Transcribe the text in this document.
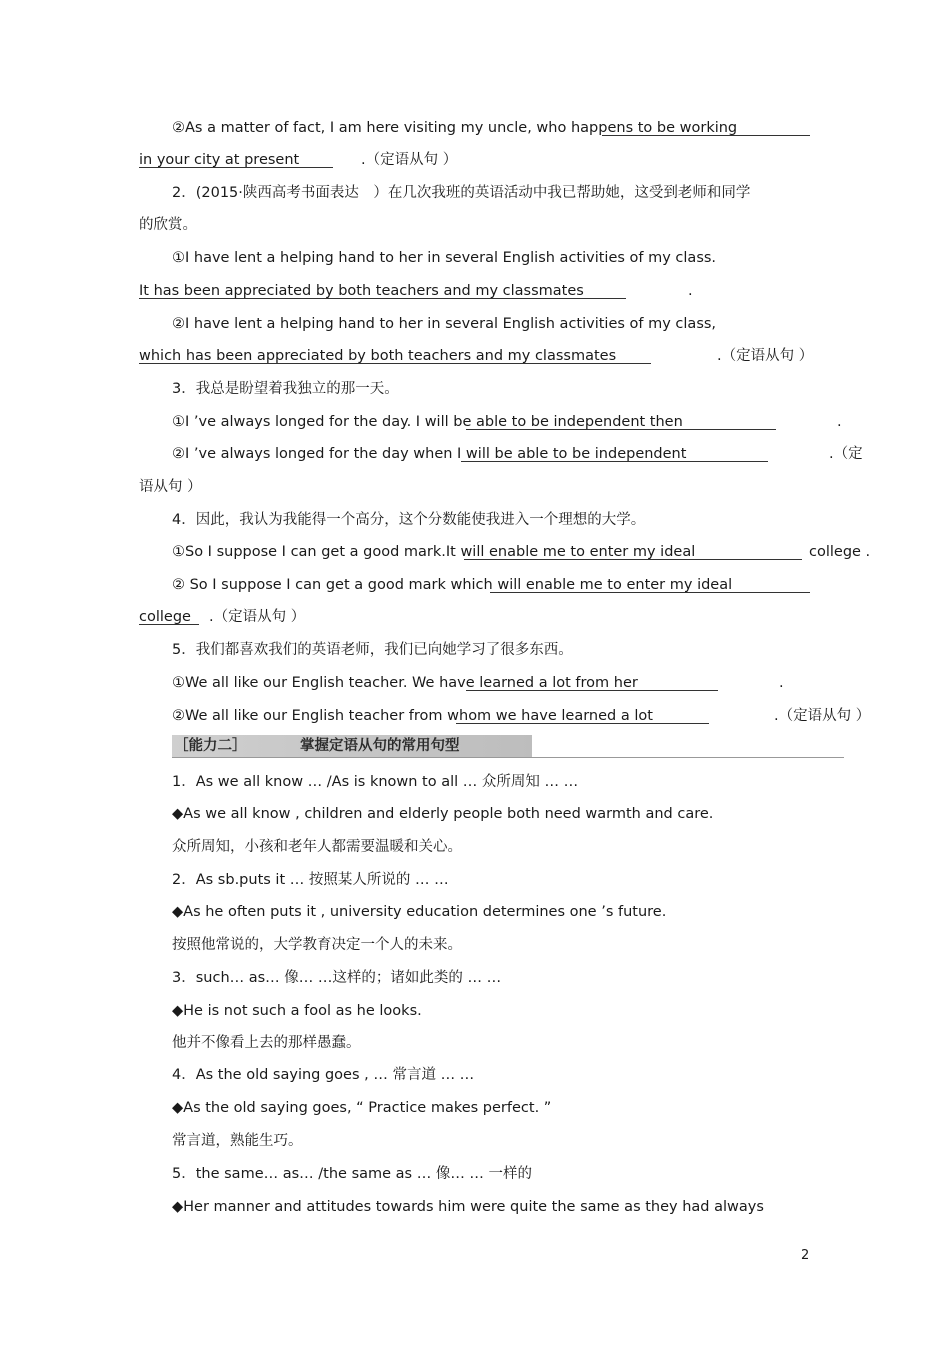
②As a matter of fact, I am here visiting my uncle, who happens to be working
in your city at present	.（定语从句 ）
2．(2015·陕西高考书面表达　）在几次我班的英语活动中我已帮助她，这受到老师和同学
的欣赏。
①I have lent a helping hand to her in several English activities of my class.
It has been appreciated by both teachers and my classmates	.
②I have lent a helping hand to her in several English activities of my class,
which has been appreciated by both teachers and my classmates	.（定语从句 ）
3．我总是盼望着我独立的那一天。
①I ’ve always longed for the day. I will be able to be independent then	.
②I ’ve always longed for the day when I will be able to be independent	.（定
语从句 ）
4．因此，我认为我能得一个高分，这个分数能使我进入一个理想的大学。
①So I suppose I can get a good mark.It will enable me to enter my ideal	college .
② So I suppose I can get a good mark which will enable me to enter my ideal
college .（定语从句 ）
5．我们都喜欢我们的英语老师，我们已向她学习了很多东西。
①We all like our English teacher. We have learned a lot from her	.
②We all like our English teacher from whom we have learned a lot	.（定语从句 ）
［能力二］	掌握定语从句的常用句型
1．As we all know … /As is known to all … 众所周知 … …
◆As we all know , children and elderly people both need warmth and care.
众所周知，小孩和老年人都需要温暖和关心。
2．As sb.puts it … 按照某人所说的 … …
◆As he often puts it , university education determines one ’s future.
按照他常说的，大学教育决定一个人的未来。
3．such… as… 像… …这样的；诸如此类的 … …
◆He is not such a fool as he looks.
他并不像看上去的那样愚蠢。
4．As the old saying goes , … 常言道 … …
◆As the old saying goes, “ Practice makes perfect. ”
常言道，熟能生巧。
5．the same… as… /the same as … 像… … 一样的
◆Her manner and attitudes towards him were quite the same as they had always
2
